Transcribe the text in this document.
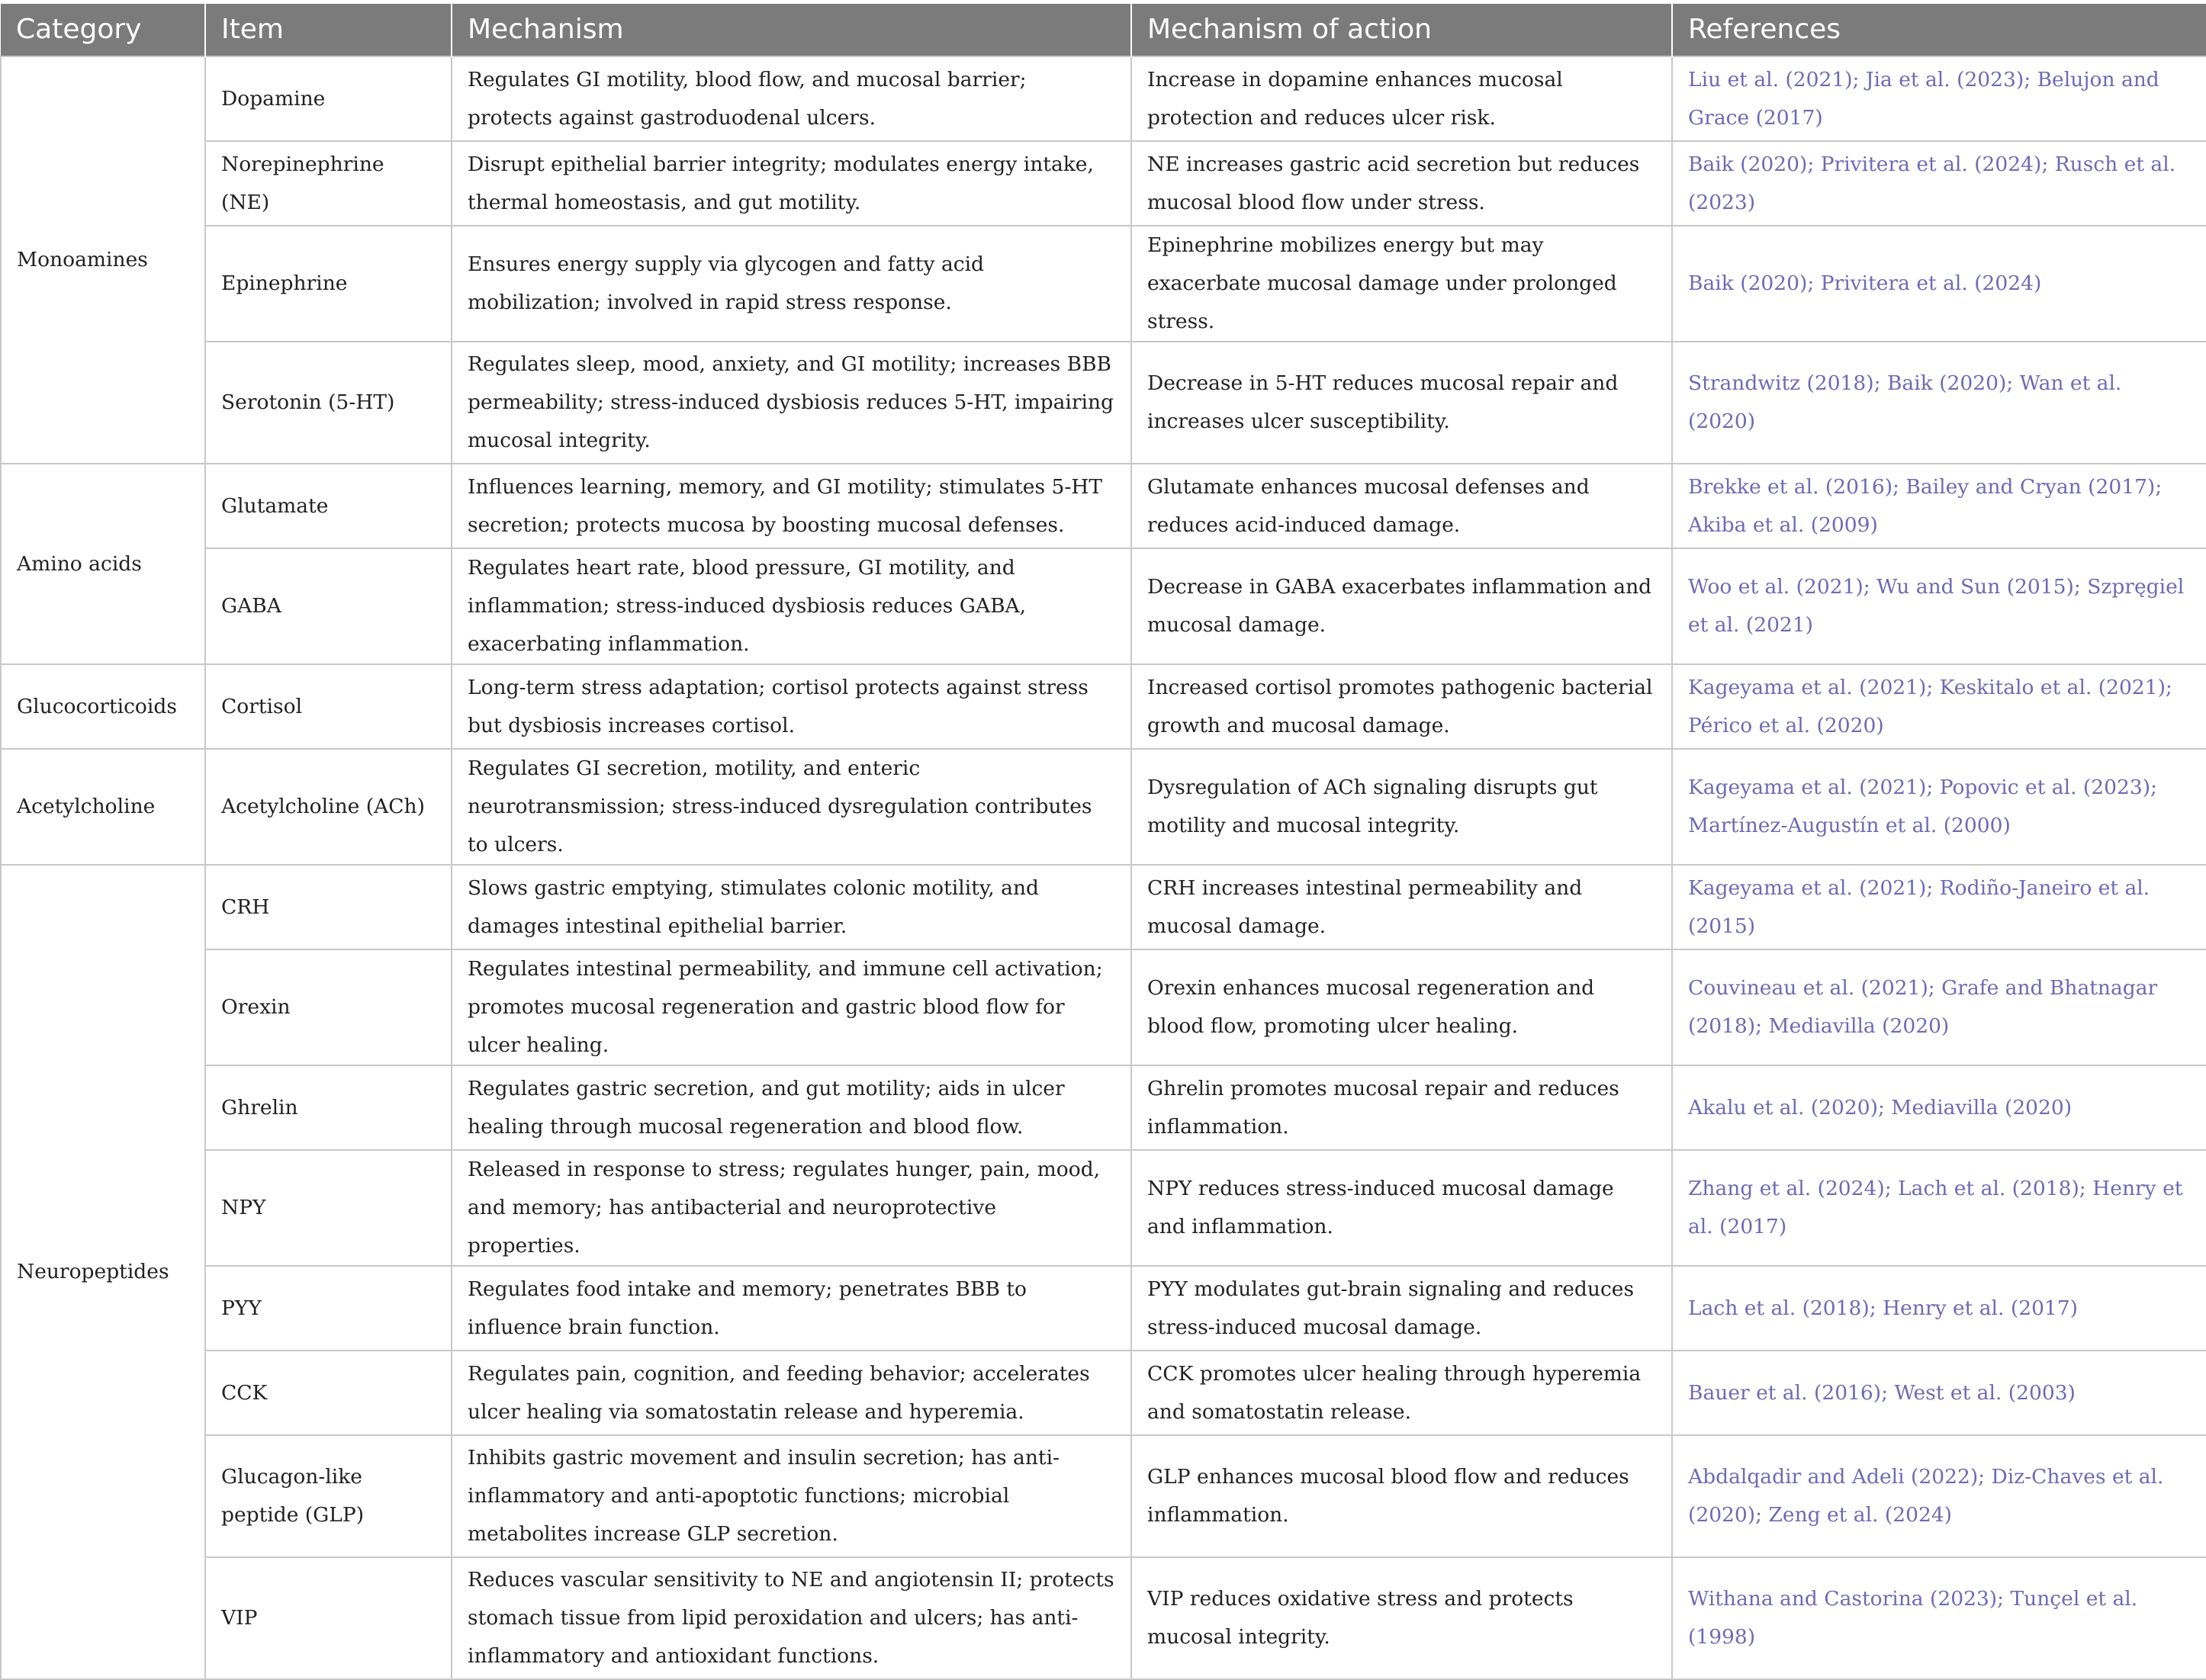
Category	Item	Mechanism	Mechanism of action	References
Monoamines	Dopamine	Regulates GI motility, blood flow, and mucosal barrier; protects against gastroduodenal ulcers.	Increase in dopamine enhances mucosal protection and reduces ulcer risk.	Liu et al. (2021); Jia et al. (2023); Belujon and Grace (2017)
	Norepinephrine (NE)	Disrupt epithelial barrier integrity; modulates energy intake, thermal homeostasis, and gut motility.	NE increases gastric acid secretion but reduces mucosal blood flow under stress.	Baik (2020); Privitera et al. (2024); Rusch et al. (2023)
	Epinephrine	Ensures energy supply via glycogen and fatty acid mobilization; involved in rapid stress response.	Epinephrine mobilizes energy but may exacerbate mucosal damage under prolonged stress.	Baik (2020); Privitera et al. (2024)
	Serotonin (5-HT)	Regulates sleep, mood, anxiety, and GI motility; increases BBB permeability; stress-induced dysbiosis reduces 5-HT, impairing mucosal integrity.	Decrease in 5-HT reduces mucosal repair and increases ulcer susceptibility.	Strandwitz (2018); Baik (2020); Wan et al. (2020)
Amino acids	Glutamate	Influences learning, memory, and GI motility; stimulates 5-HT secretion; protects mucosa by boosting mucosal defenses.	Glutamate enhances mucosal defenses and reduces acid-induced damage.	Brekke et al. (2016); Bailey and Cryan (2017); Akiba et al. (2009)
	GABA	Regulates heart rate, blood pressure, GI motility, and inflammation; stress-induced dysbiosis reduces GABA, exacerbating inflammation.	Decrease in GABA exacerbates inflammation and mucosal damage.	Woo et al. (2021); Wu and Sun (2015); Szpręgiel et al. (2021)
Glucocorticoids	Cortisol	Long-term stress adaptation; cortisol protects against stress but dysbiosis increases cortisol.	Increased cortisol promotes pathogenic bacterial growth and mucosal damage.	Kageyama et al. (2021); Keskitalo et al. (2021); Périco et al. (2020)
Acetylcholine	Acetylcholine (ACh)	Regulates GI secretion, motility, and enteric neurotransmission; stress-induced dysregulation contributes to ulcers.	Dysregulation of ACh signaling disrupts gut motility and mucosal integrity.	Kageyama et al. (2021); Popovic et al. (2023); Martínez-Augustín et al. (2000)
Neuropeptides	CRH	Slows gastric emptying, stimulates colonic motility, and damages intestinal epithelial barrier.	CRH increases intestinal permeability and mucosal damage.	Kageyama et al. (2021); Rodiño-Janeiro et al. (2015)
	Orexin	Regulates intestinal permeability, and immune cell activation; promotes mucosal regeneration and gastric blood flow for ulcer healing.	Orexin enhances mucosal regeneration and blood flow, promoting ulcer healing.	Couvineau et al. (2021); Grafe and Bhatnagar (2018); Mediavilla (2020)
	Ghrelin	Regulates gastric secretion, and gut motility; aids in ulcer healing through mucosal regeneration and blood flow.	Ghrelin promotes mucosal repair and reduces inflammation.	Akalu et al. (2020); Mediavilla (2020)
	NPY	Released in response to stress; regulates hunger, pain, mood, and memory; has antibacterial and neuroprotective properties.	NPY reduces stress-induced mucosal damage and inflammation.	Zhang et al. (2024); Lach et al. (2018); Henry et al. (2017)
	PYY	Regulates food intake and memory; penetrates BBB to influence brain function.	PYY modulates gut-brain signaling and reduces stress-induced mucosal damage.	Lach et al. (2018); Henry et al. (2017)
	CCK	Regulates pain, cognition, and feeding behavior; accelerates ulcer healing via somatostatin release and hyperemia.	CCK promotes ulcer healing through hyperemia and somatostatin release.	Bauer et al. (2016); West et al. (2003)
	Glucagon-like peptide (GLP)	Inhibits gastric movement and insulin secretion; has anti-inflammatory and anti-apoptotic functions; microbial metabolites increase GLP secretion.	GLP enhances mucosal blood flow and reduces inflammation.	Abdalqadir and Adeli (2022); Diz-Chaves et al. (2020); Zeng et al. (2024)
	VIP	Reduces vascular sensitivity to NE and angiotensin II; protects stomach tissue from lipid peroxidation and ulcers; has anti-inflammatory and antioxidant functions.	VIP reduces oxidative stress and protects mucosal integrity.	Withana and Castorina (2023); Tunçel et al. (1998)
